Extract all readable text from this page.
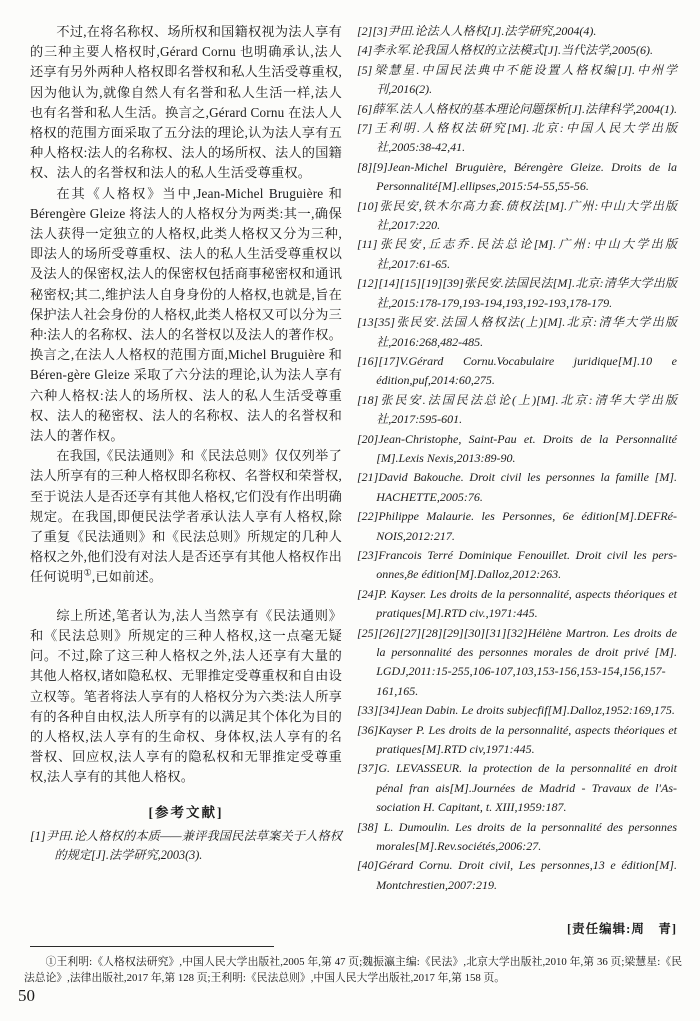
不过,在将名称权、场所权和国籍权视为法人享有的三种主要人格权时,Gérard Cornu 也明确承认,法人还享有另外两种人格权即名誉权和私人生活受尊重权,因为他认为,就像自然人有名誉和私人生活一样,法人也有名誉和私人生活。换言之,Gérard Cornu 在法人人格权的范围方面采取了五分法的理论,认为法人享有五种人格权:法人的名称权、法人的场所权、法人的国籍权、法人的名誉权和法人的私人生活受尊重权。

在其《人格权》当中,Jean-Michel Bruguière 和 Bérengère Gleize 将法人的人格权分为两类:其一,确保法人获得一定独立的人格权,此类人格权又分为三种,即法人的场所受尊重权、法人的私人生活受尊重权以及法人的保密权,法人的保密权包括商事秘密权和通讯秘密权;其二,维护法人自身身份的人格权,也就是,旨在保护法人社会身份的人格权,此类人格权又可以分为三种:法人的名称权、法人的名誉权以及法人的著作权。换言之,在法人人格权的范围方面,Michel Bruguière 和 Béren-gère Gleize 采取了六分法的理论,认为法人享有六种人格权:法人的场所权、法人的私人生活受尊重权、法人的秘密权、法人的名称权、法人的名誉权和法人的著作权。

在我国,《民法通则》和《民法总则》仅仅列举了法人所享有的三种人格权即名称权、名誉权和荣誉权,至于说法人是否还享有其他人格权,它们没有作出明确规定。在我国,即便民法学者承认法人享有人格权,除了重复《民法通则》和《民法总则》所规定的几种人格权之外,他们没有对法人是否还享有其他人格权作出任何说明①,已如前述。

综上所述,笔者认为,法人当然享有《民法通则》和《民法总则》所规定的三种人格权,这一点毫无疑问。不过,除了这三种人格权之外,法人还享有大量的其他人格权,诸如隐私权、无罪推定受尊重权和自由设立权等。笔者将法人享有的人格权分为六类:法人所享有的各种自由权,法人所享有的以满足其个体化为目的的人格权,法人享有的生命权、身体权,法人享有的名誉权、回应权,法人享有的隐私权和无罪推定受尊重权,法人享有的其他人格权。

[参考文献]

[1]尹田.论人格权的本质——兼评我国民法草案关于人格权的规定[J].法学研究,2003(3).

[2][3]尹田.论法人人格权[J].法学研究,2004(4).
[4]李永军.论我国人格权的立法模式[J].当代法学,2005(6).
[5]梁慧星.中国民法典中不能设置人格权编[J].中州学刊,2016(2).
[6]薛军.法人人格权的基本理论问题探析[J].法律科学,2004(1).
[7]王利明.人格权法研究[M].北京:中国人民大学出版社,2005:38-42,41.
[8][9]Jean-Michel Bruguière, Bérengère Gleize. Droits de la Personnalité[M].ellipses,2015:54-55,55-56.
[10]张民安,铁木尔高力套.债权法[M].广州:中山大学出版社,2017:220.
[11]张民安,丘志乔.民法总论[M].广州:中山大学出版社,2017:61-65.
[12][14][15][19][39]张民安.法国民法[M].北京:清华大学出版社,2015:178-179,193-194,193,192-193,178-179.
[13[35]张民安.法国人格权法(上)[M].北京:清华大学出版社,2016:268,482-485.
[16][17]V.Gérard Cornu.Vocabulaire juridique[M].10 e édition,puf,2014:60,275.
[18]张民安.法国民法总论(上)[M].北京:清华大学出版社,2017:595-601.
[20]Jean-Christophe, Saint-Pau et. Droits de la Personnalité [M].Lexis Nexis,2013:89-90.
[21]David Bakouche. Droit civil les personnes la famille [M]. HACHETTE,2005:76.
[22]Philippe Malaurie. les Personnes, 6e édition[M].DEFRé-NOIS,2012:217.
[23]Francois Terré Dominique Fenouillet. Droit civil les pers-onnes,8e édition[M].Dalloz,2012:263.
[24]P. Kayser. Les droits de la personnalité, aspects théoriques et pratiques[M].RTD civ.,1971:445.
[25][26][27][28][29][30][31][32]Hélène Martron. Les droits de la personnalité des personnes morales de droit privé [M]. LGDJ,2011:15-255,106-107,103,153-156,153-154,156,157-161,165.
[33][34]Jean Dabin. Le droits subjecfif[M].Dalloz,1952:169,175.
[36]Kayser P. Les droits de la personnalité, aspects théoriques et pratiques[M].RTD civ,1971:445.
[37]G. LEVASSEUR. la protection de la personnalité en droit pénal fran ais[M].Journées de Madrid - Travaux de l'As-sociation H. Capitant, t. XIII,1959:187.
[38] L. Dumoulin. Les droits de la personnalité des personnes morales[M].Rev.sociétés,2006:27.
[40]Gérard Cornu. Droit civil, Les personnes,13 e édition[M]. Montchrestien,2007:219.
[责任编辑:周　青]
①王利明:《人格权法研究》,中国人民大学出版社,2005 年,第 47 页;魏振瀛主编:《民法》,北京大学出版社,2010 年,第 36 页;梁慧星:《民法总论》,法律出版社,2017 年,第 128 页;王利明:《民法总则》,中国人民大学出版社,2017 年,第 158 页。
50
